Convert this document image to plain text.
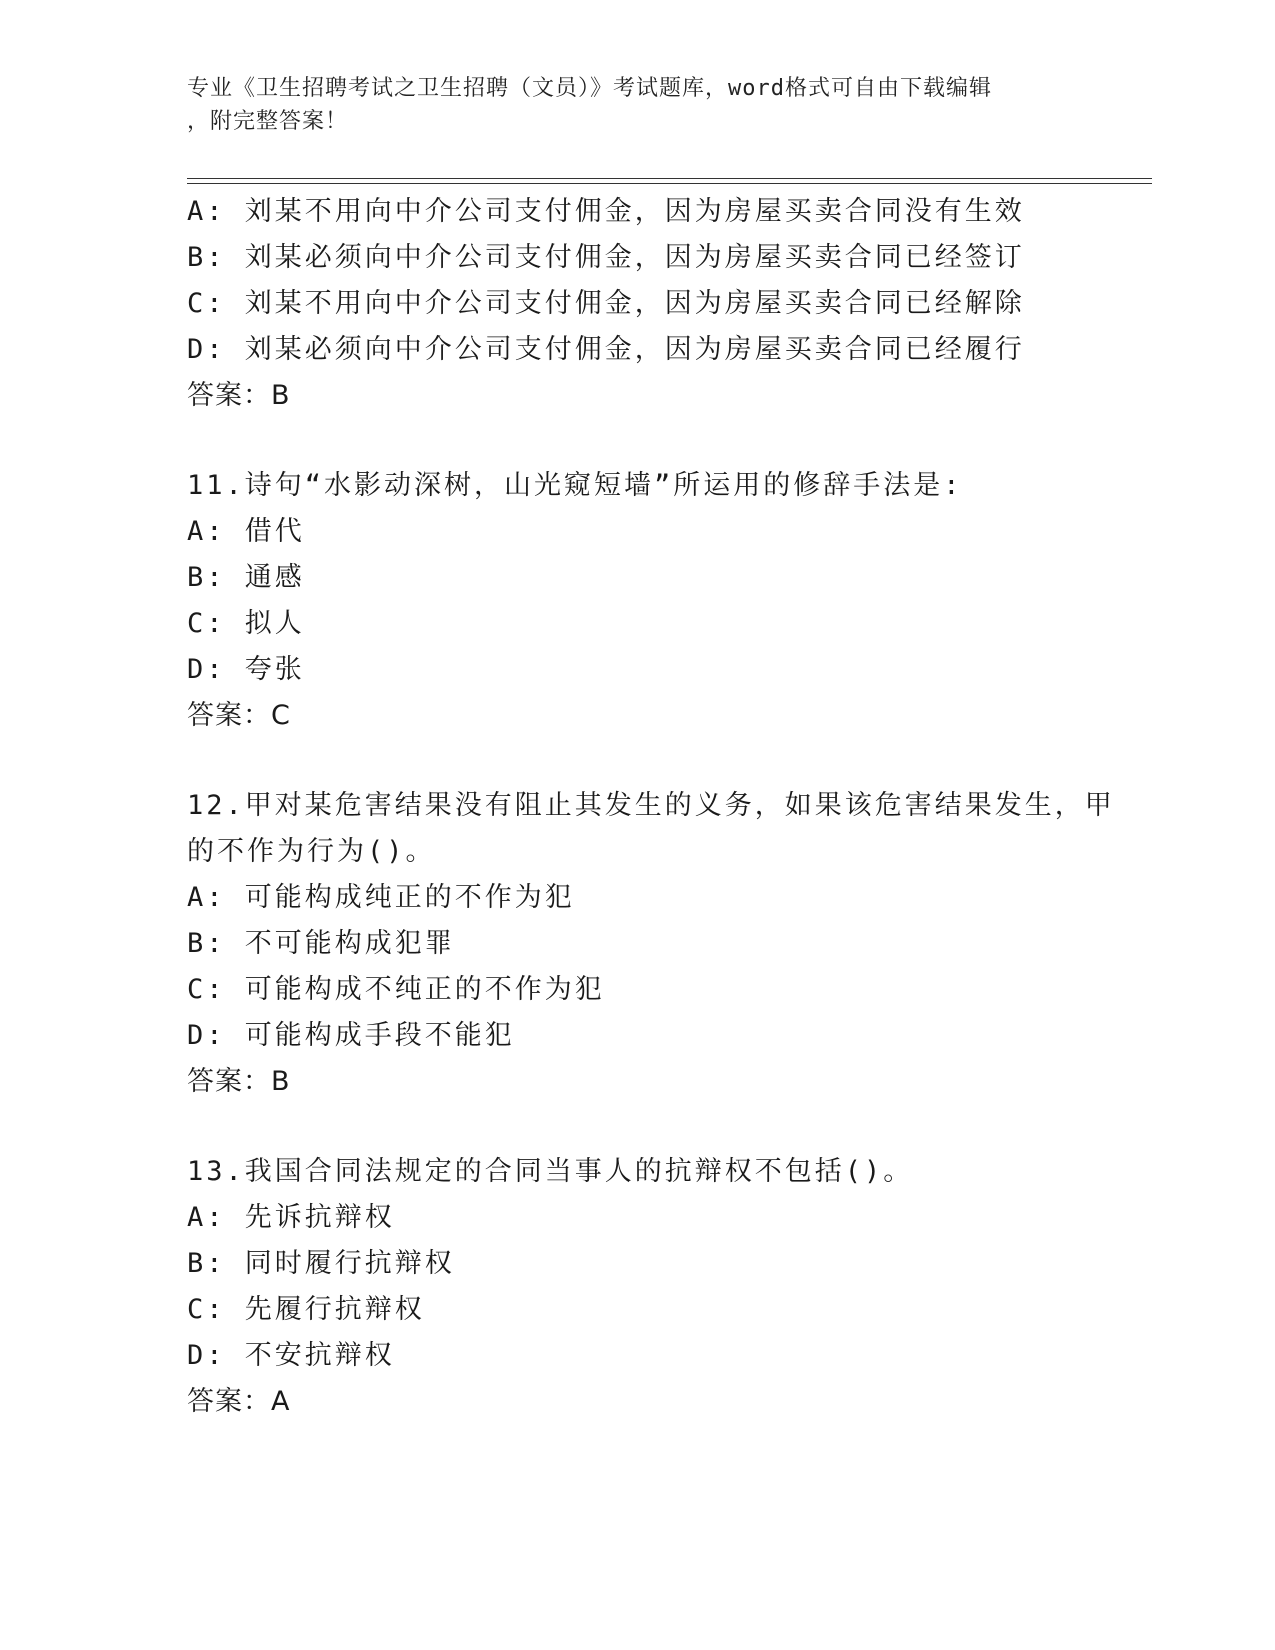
专业《卫生招聘考试之卫生招聘（文员）》考试题库，word格式可自由下载编辑
，附完整答案！
A: 刘某不用向中介公司支付佣金，因为房屋买卖合同没有生效
B: 刘某必须向中介公司支付佣金，因为房屋买卖合同已经签订
C: 刘某不用向中介公司支付佣金，因为房屋买卖合同已经解除
D: 刘某必须向中介公司支付佣金，因为房屋买卖合同已经履行
答案：B
11.诗句“水影动深树，山光窥短墙”所运用的修辞手法是:
A: 借代
B: 通感
C: 拟人
D: 夸张
答案：C
12.甲对某危害结果没有阻止其发生的义务，如果该危害结果发生，甲
的不作为行为()。
A: 可能构成纯正的不作为犯
B: 不可能构成犯罪
C: 可能构成不纯正的不作为犯
D: 可能构成手段不能犯
答案：B
13.我国合同法规定的合同当事人的抗辩权不包括()。
A: 先诉抗辩权
B: 同时履行抗辩权
C: 先履行抗辩权
D: 不安抗辩权
答案：A
